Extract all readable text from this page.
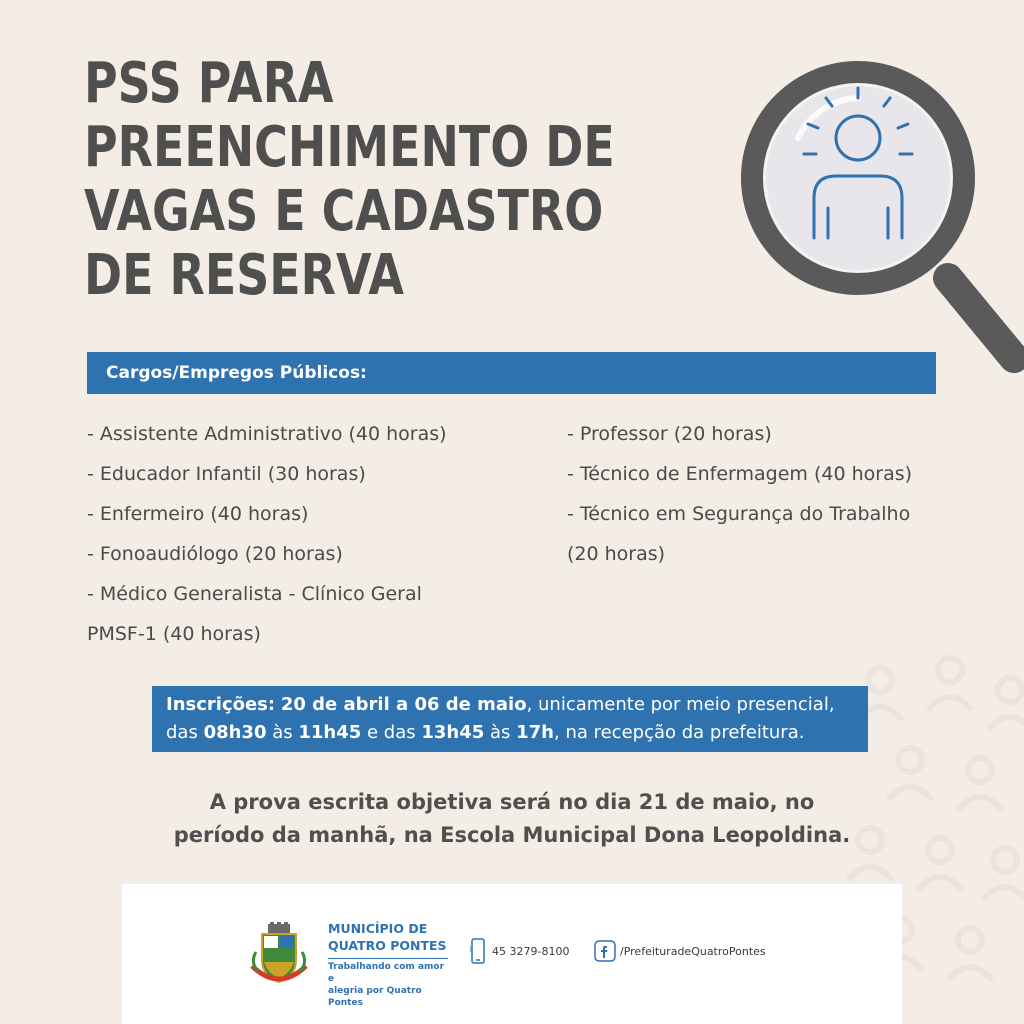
PSS PARA
PREENCHIMENTO DE
VAGAS E CADASTRO
DE RESERVA
Cargos/Empregos Públicos:
- Assistente Administrativo (40 horas)
- Educador Infantil (30 horas)
- Enfermeiro (40 horas)
- Fonoaudiólogo (20 horas)
- Médico Generalista - Clínico Geral
PMSF-1 (40 horas)
- Professor (20 horas)
- Técnico de Enfermagem (40 horas)
- Técnico em Segurança do Trabalho
(20 horas)
Inscrições: 20 de abril a 06 de maio, unicamente por meio presencial,
das 08h30 às 11h45 e das 13h45 às 17h, na recepção da prefeitura.
A prova escrita objetiva será no dia 21 de maio, no
período da manhã, na Escola Municipal Dona Leopoldina.
MUNICÍPIO DE
QUATRO PONTES
Trabalhando com amor e
alegria por Quatro Pontes
45 3279-8100	/PrefeituradeQuatroPontes
